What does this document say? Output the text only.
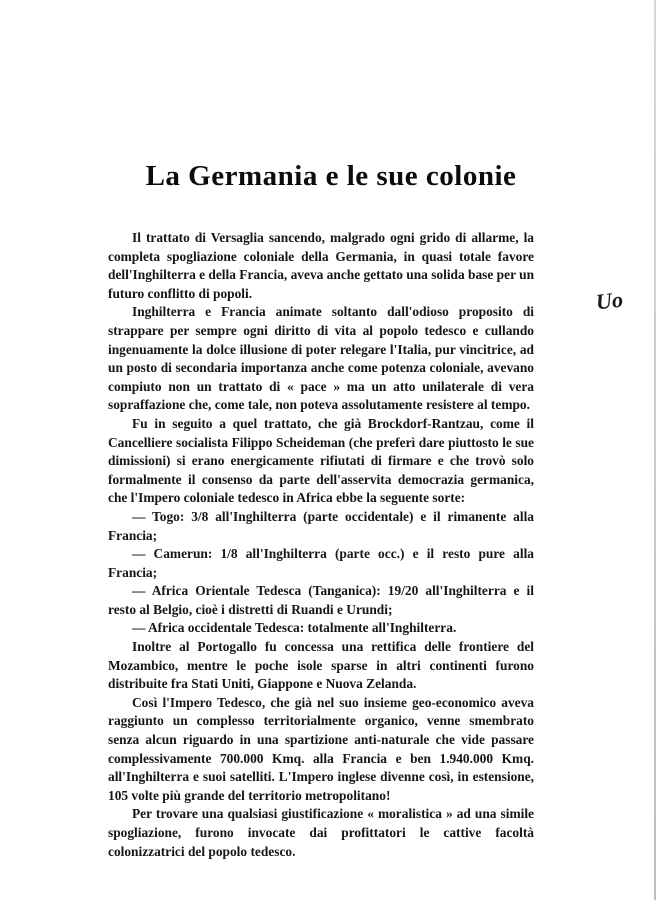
La Germania e le sue colonie
Uo

Il trattato di Versaglia sancendo, malgrado ogni grido di allarme, la completa spogliazione coloniale della Germania, in quasi totale favore dell'Inghilterra e della Francia, aveva anche gettato una solida base per un futuro conflitto di popoli.

Inghilterra e Francia animate soltanto dall'odioso proposito di strappare per sempre ogni diritto di vita al popolo tedesco e cullando ingenuamente la dolce illusione di poter relegare l'Italia, pur vincitrice, ad un posto di secondaria importanza anche come potenza coloniale, avevano compiuto non un trattato di « pace » ma un atto unilaterale di vera sopraffazione che, come tale, non poteva assolutamente resistere al tempo.

Fu in seguito a quel trattato, che già Brockdorf-Rantzau, come il Cancelliere socialista Filippo Scheideman (che preferì dare piuttosto le sue dimissioni) si erano energicamente rifiutati di firmare e che trovò solo formalmente il consenso da parte dell'asservita democrazia germanica, che l'Impero coloniale tedesco in Africa ebbe la seguente sorte:

— Togo: 3/8 all'Inghilterra (parte occidentale) e il rimanente alla Francia;

— Camerun: 1/8 all'Inghilterra (parte occ.) e il resto pure alla Francia;

— Africa Orientale Tedesca (Tanganica): 19/20 all'Inghilterra e il resto al Belgio, cioè i distretti di Ruandi e Urundi;

— Africa occidentale Tedesca: totalmente all'Inghilterra.

Inoltre al Portogallo fu concessa una rettifica delle frontiere del Mozambico, mentre le poche isole sparse in altri continenti furono distribuite fra Stati Uniti, Giappone e Nuova Zelanda.

Così l'Impero Tedesco, che già nel suo insieme geo-economico aveva raggiunto un complesso territorialmente organico, venne smembrato senza alcun riguardo in una spartizione anti-naturale che vide passare complessivamente 700.000 Kmq. alla Francia e ben 1.940.000 Kmq. all'Inghilterra e suoi satelliti. L'Impero inglese divenne così, in estensione, 105 volte più grande del territorio metropolitano!

Per trovare una qualsiasi giustificazione « moralistica » ad una simile spogliazione, furono invocate dai profittatori le cattive facoltà colonizzatrici del popolo tedesco.
